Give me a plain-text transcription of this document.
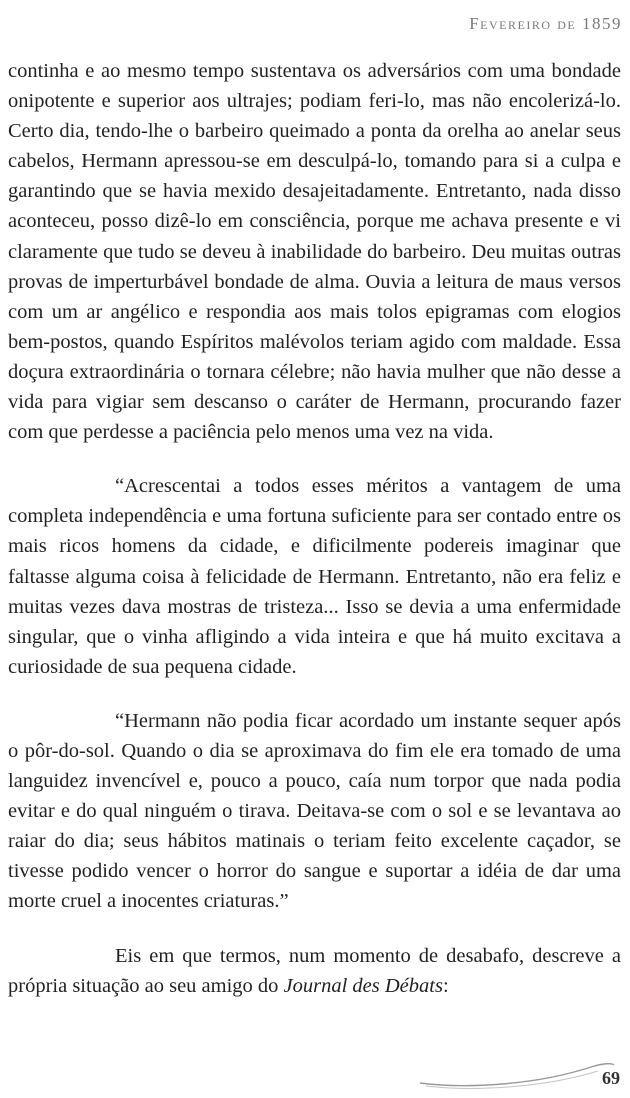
Fevereiro de 1859

continha e ao mesmo tempo sustentava os adversários com uma bondade onipotente e superior aos ultrajes; podiam feri-lo, mas não encolerizá-lo. Certo dia, tendo-lhe o barbeiro queimado a ponta da orelha ao anelar seus cabelos, Hermann apressou-se em desculpá-lo, tomando para si a culpa e garantindo que se havia mexido desajeitadamente. Entretanto, nada disso aconteceu, posso dizê-lo em consciência, porque me achava presente e vi claramente que tudo se deveu à inabilidade do barbeiro. Deu muitas outras provas de imperturbável bondade de alma. Ouvia a leitura de maus versos com um ar angélico e respondia aos mais tolos epigramas com elogios bem-postos, quando Espíritos malévolos teriam agido com maldade. Essa doçura extraordinária o tornara célebre; não havia mulher que não desse a vida para vigiar sem descanso o caráter de Hermann, procurando fazer com que perdesse a paciência pelo menos uma vez na vida.

“Acrescentai a todos esses méritos a vantagem de uma completa independência e uma fortuna suficiente para ser contado entre os mais ricos homens da cidade, e dificilmente podereis imaginar que faltasse alguma coisa à felicidade de Hermann. Entretanto, não era feliz e muitas vezes dava mostras de tristeza... Isso se devia a uma enfermidade singular, que o vinha afligindo a vida inteira e que há muito excitava a curiosidade de sua pequena cidade.

“Hermann não podia ficar acordado um instante sequer após o pôr-do-sol. Quando o dia se aproximava do fim ele era tomado de uma languidez invencível e, pouco a pouco, caía num torpor que nada podia evitar e do qual ninguém o tirava. Deitava-se com o sol e se levantava ao raiar do dia; seus hábitos matinais o teriam feito excelente caçador, se tivesse podido vencer o horror do sangue e suportar a idéia de dar uma morte cruel a inocentes criaturas.”

Eis em que termos, num momento de desabafo, descreve a própria situação ao seu amigo do Journal des Débats:

69
